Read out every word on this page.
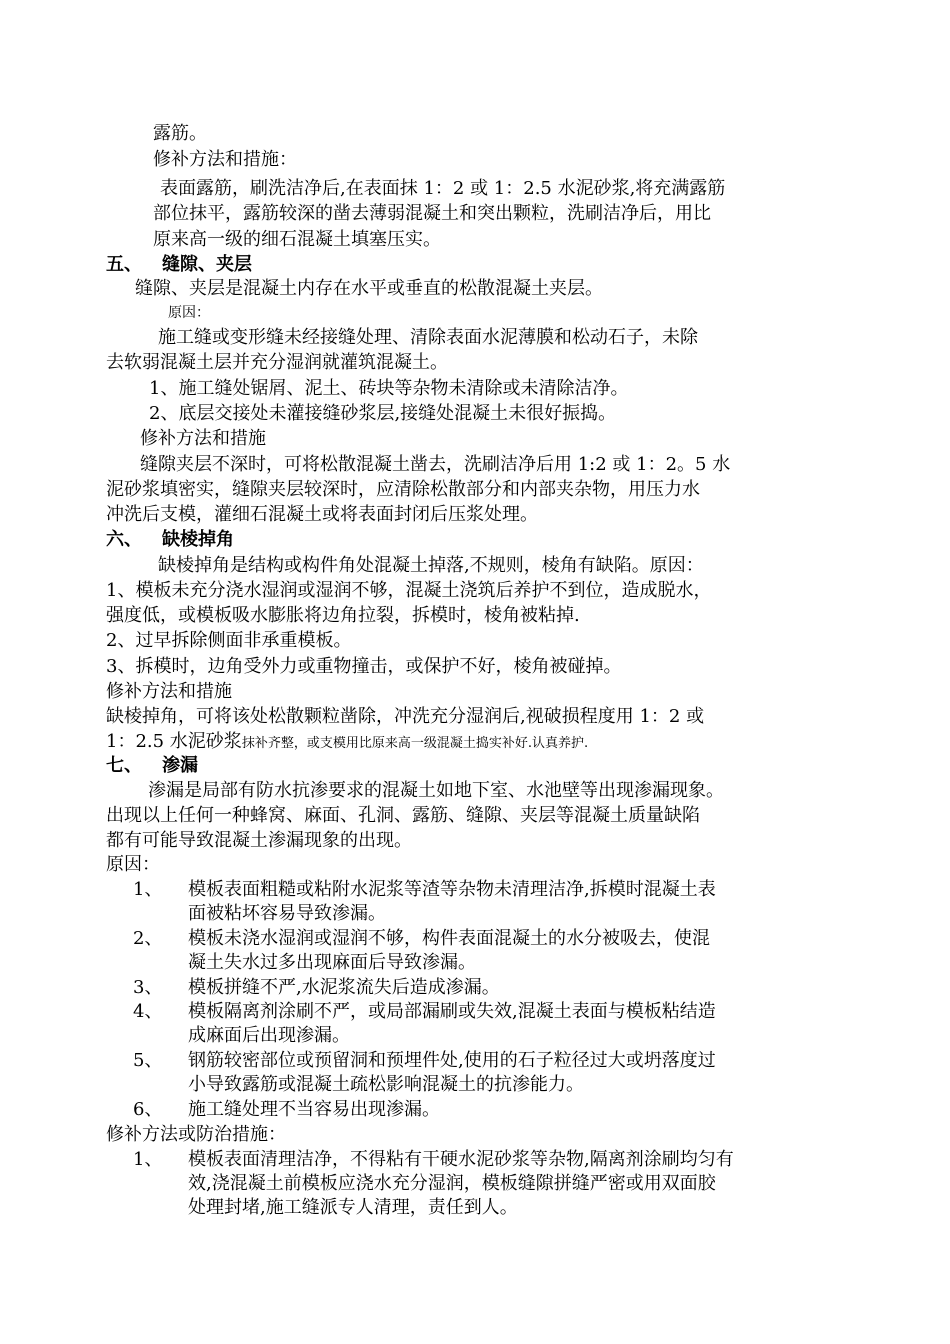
露筋。
修补方法和措施：
表面露筋，刷洗洁净后,在表面抹 1：2 或 1：2.5 水泥砂浆,将充满露筋
部位抹平，露筋较深的凿去薄弱混凝土和突出颗粒，洗刷洁净后，用比
原来高一级的细石混凝土填塞压实。
五、 缝隙、夹层
缝隙、夹层是混凝土内存在水平或垂直的松散混凝土夹层。
原因：
施工缝或变形缝未经接缝处理、清除表面水泥薄膜和松动石子，未除
去软弱混凝土层并充分湿润就灌筑混凝土。
1、施工缝处锯屑、泥土、砖块等杂物未清除或未清除洁净。
2、底层交接处未灌接缝砂浆层,接缝处混凝土未很好振捣。
修补方法和措施
缝隙夹层不深时，可将松散混凝土凿去，洗刷洁净后用 1:2 或 1：2。5 水
泥砂浆填密实，缝隙夹层较深时，应清除松散部分和内部夹杂物，用压力水
冲洗后支模，灌细石混凝土或将表面封闭后压浆处理。
六、 缺棱掉角
缺棱掉角是结构或构件角处混凝土掉落,不规则，棱角有缺陷。原因：
1、模板未充分浇水湿润或湿润不够，混凝土浇筑后养护不到位，造成脱水，
强度低，或模板吸水膨胀将边角拉裂，拆模时，棱角被粘掉.
2、过早拆除侧面非承重模板。
3、拆模时，边角受外力或重物撞击，或保护不好，棱角被碰掉。
修补方法和措施
缺棱掉角，可将该处松散颗粒凿除，冲洗充分湿润后,视破损程度用 1：2 或
1：2.5 水泥砂浆抹补齐整，或支模用比原来高一级混凝土捣实补好.认真养护.
七、 渗漏
渗漏是局部有防水抗渗要求的混凝土如地下室、水池壁等出现渗漏现象。
出现以上任何一种蜂窝、麻面、孔洞、露筋、缝隙、夹层等混凝土质量缺陷
都有可能导致混凝土渗漏现象的出现。
原因：
1、 模板表面粗糙或粘附水泥浆等渣等杂物未清理洁净,拆模时混凝土表
面被粘坏容易导致渗漏。
2、 模板未浇水湿润或湿润不够，构件表面混凝土的水分被吸去，使混
凝土失水过多出现麻面后导致渗漏。
3、 模板拼缝不严,水泥浆流失后造成渗漏。
4、 模板隔离剂涂刷不严，或局部漏刷或失效,混凝土表面与模板粘结造
成麻面后出现渗漏。
5、 钢筋较密部位或预留洞和预埋件处,使用的石子粒径过大或坍落度过
小导致露筋或混凝土疏松影响混凝土的抗渗能力。
6、 施工缝处理不当容易出现渗漏。
修补方法或防治措施：
1、 模板表面清理洁净，不得粘有干硬水泥砂浆等杂物,隔离剂涂刷均匀有
效,浇混凝土前模板应浇水充分湿润，模板缝隙拼缝严密或用双面胶
处理封堵,施工缝派专人清理，责任到人。
